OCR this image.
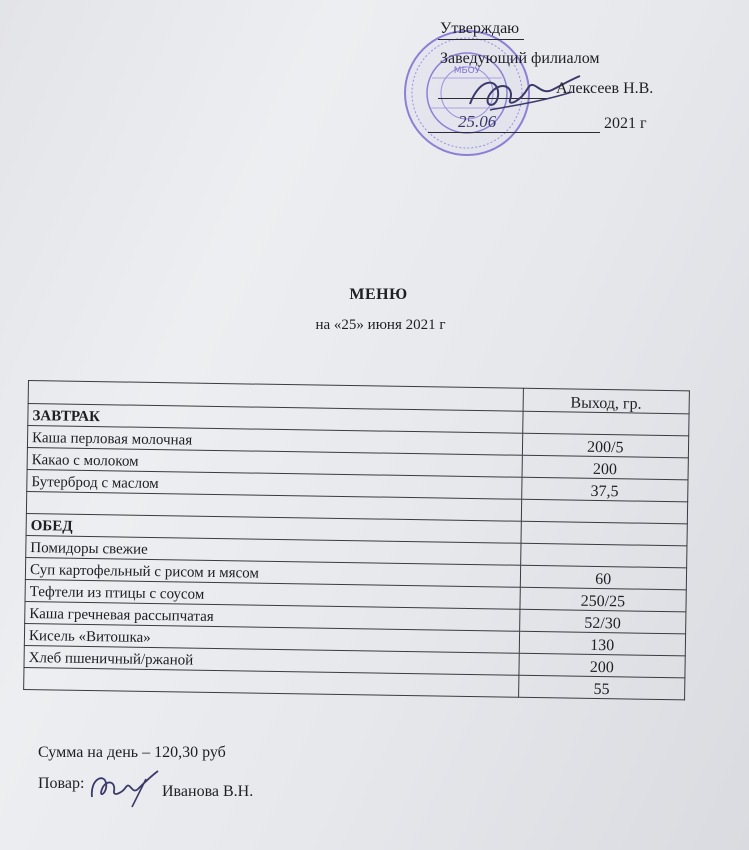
МБОУ
Утверждаю
Заведующий филиалом
Алексеев Н.В.
25.06	2021 г
МЕНЮ
на «25» июня 2021 г
	Выход, гр.
ЗАВТРАК	
Каша перловая молочная	200/5
Какао с молоком	200
Бутерброд с маслом	37,5

ОБЕД	
Помидоры свежие	
Суп картофельный с рисом и мясом	60
Тефтели из птицы с соусом	250/25
Каша гречневая рассыпчатая	52/30
Кисель «Витошка»	130
Хлеб пшеничный/ржаной	200
	55
Сумма на день – 120,30 руб
Повар:	Иванова В.Н.
